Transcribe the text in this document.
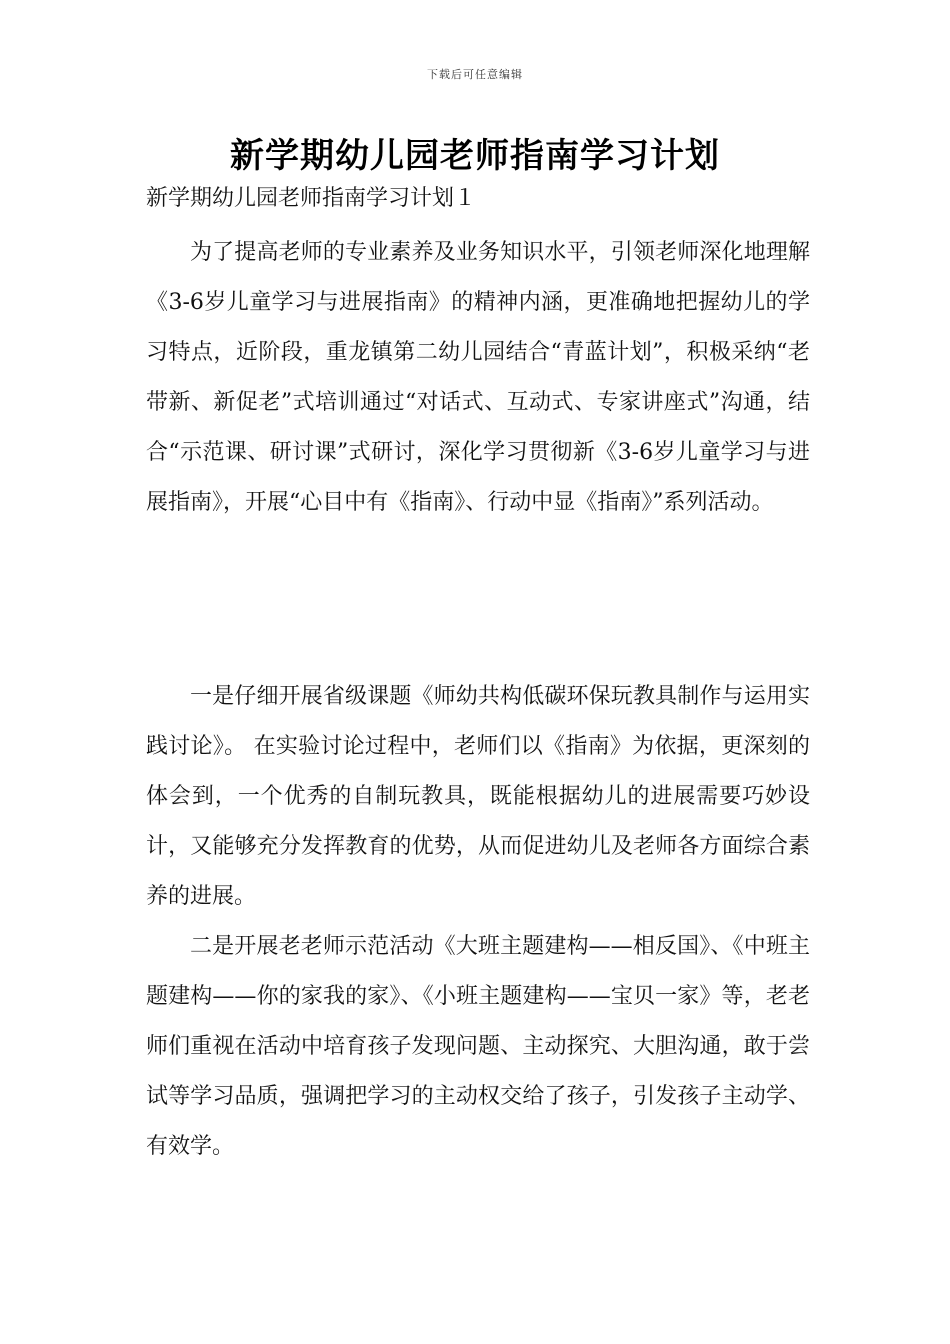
下载后可任意编辑
新学期幼儿园老师指南学习计划
新学期幼儿园老师指南学习计划１

为了提高老师的专业素养及业务知识水平，引领老师深化地理解《3-6岁儿童学习与进展指南》的精神内涵，更准确地把握幼儿的学习特点，近阶段，重龙镇第二幼儿园结合“青蓝计划”，积极采纳“老带新、新促老”式培训通过“对话式、互动式、专家讲座式”沟通，结合“示范课、研讨课”式研讨，深化学习贯彻新《3-6岁儿童学习与进展指南》，开展“心目中有《指南》、行动中显《指南》”系列活动。

一是仔细开展省级课题《师幼共构低碳环保玩教具制作与运用实践讨论》。 在实验讨论过程中，老师们以《指南》为依据，更深刻的体会到，一个优秀的自制玩教具，既能根据幼儿的进展需要巧妙设计，又能够充分发挥教育的优势，从而促进幼儿及老师各方面综合素养的进展。

二是开展老老师示范活动《大班主题建构——相反国》、《中班主题建构——你的家我的家》、《小班主题建构——宝贝一家》等，老老师们重视在活动中培育孩子发现问题、主动探究、大胆沟通，敢于尝试等学习品质，强调把学习的主动权交给了孩子，引发孩子主动学、有效学。
